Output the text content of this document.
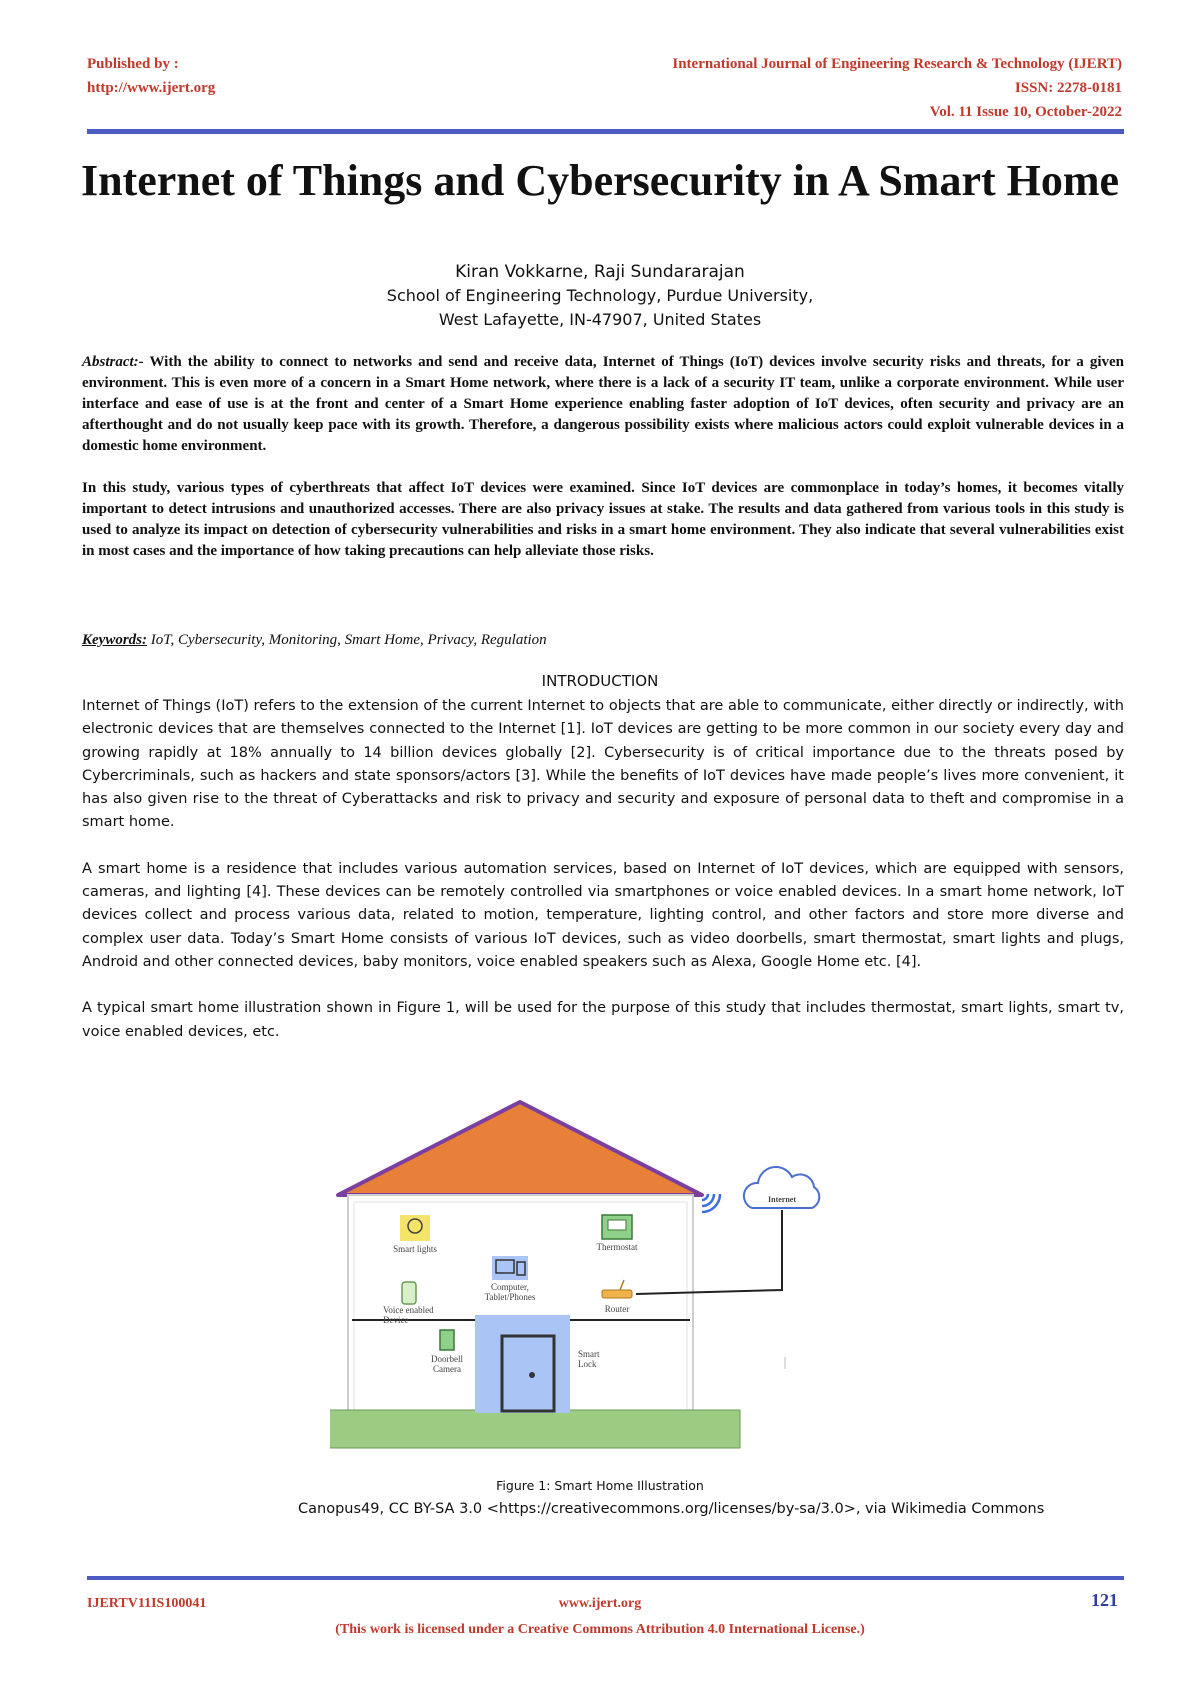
Published by :
http://www.ijert.org
International Journal of Engineering Research & Technology (IJERT)
ISSN: 2278-0181
Vol. 11 Issue 10, October-2022
Internet of Things and Cybersecurity in A Smart Home
Kiran Vokkarne, Raji Sundararajan
School of Engineering Technology, Purdue University,
West Lafayette, IN-47907, United States

Abstract:- With the ability to connect to networks and send and receive data, Internet of Things (IoT) devices involve security risks and threats, for a given environment. This is even more of a concern in a Smart Home network, where there is a lack of a security IT team, unlike a corporate environment. While user interface and ease of use is at the front and center of a Smart Home experience enabling faster adoption of IoT devices, often security and privacy are an afterthought and do not usually keep pace with its growth. Therefore, a dangerous possibility exists where malicious actors could exploit vulnerable devices in a domestic home environment.

In this study, various types of cyberthreats that affect IoT devices were examined. Since IoT devices are commonplace in today’s homes, it becomes vitally important to detect intrusions and unauthorized accesses. There are also privacy issues at stake. The results and data gathered from various tools in this study is used to analyze its impact on detection of cybersecurity vulnerabilities and risks in a smart home environment. They also indicate that several vulnerabilities exist in most cases and the importance of how taking precautions can help alleviate those risks.

Keywords: IoT, Cybersecurity, Monitoring, Smart Home, Privacy, Regulation
INTRODUCTION

Internet of Things (IoT) refers to the extension of the current Internet to objects that are able to communicate, either directly or indirectly, with electronic devices that are themselves connected to the Internet [1]. IoT devices are getting to be more common in our society every day and growing rapidly at 18% annually to 14 billion devices globally [2]. Cybersecurity is of critical importance due to the threats posed by Cybercriminals, such as hackers and state sponsors/actors [3]. While the benefits of IoT devices have made people’s lives more convenient, it has also given rise to the threat of Cyberattacks and risk to privacy and security and exposure of personal data to theft and compromise in a smart home.

A smart home is a residence that includes various automation services, based on Internet of IoT devices, which are equipped with sensors, cameras, and lighting [4]. These devices can be remotely controlled via smartphones or voice enabled devices. In a smart home network, IoT devices collect and process various data, related to motion, temperature, lighting control, and other factors and store more diverse and complex user data. Today’s Smart Home consists of various IoT devices, such as video doorbells, smart thermostat, smart lights and plugs, Android and other connected devices, baby monitors, voice enabled speakers such as Alexa, Google Home etc. [4].

A typical smart home illustration shown in Figure 1, will be used for the purpose of this study that includes thermostat, smart lights, smart tv, voice enabled devices, etc.

Smart lights	Thermostat
Computer,
Tablet/Phones
Voice enabled
Device
Router
Doorbell
Camera
Smart
Lock
Internet
Figure 1: Smart Home Illustration
Canopus49, CC BY-SA 3.0 <https://creativecommons.org/licenses/by-sa/3.0>, via Wikimedia Commons
IJERTV11IS100041	www.ijert.org	121
(This work is licensed under a Creative Commons Attribution 4.0 International License.)
